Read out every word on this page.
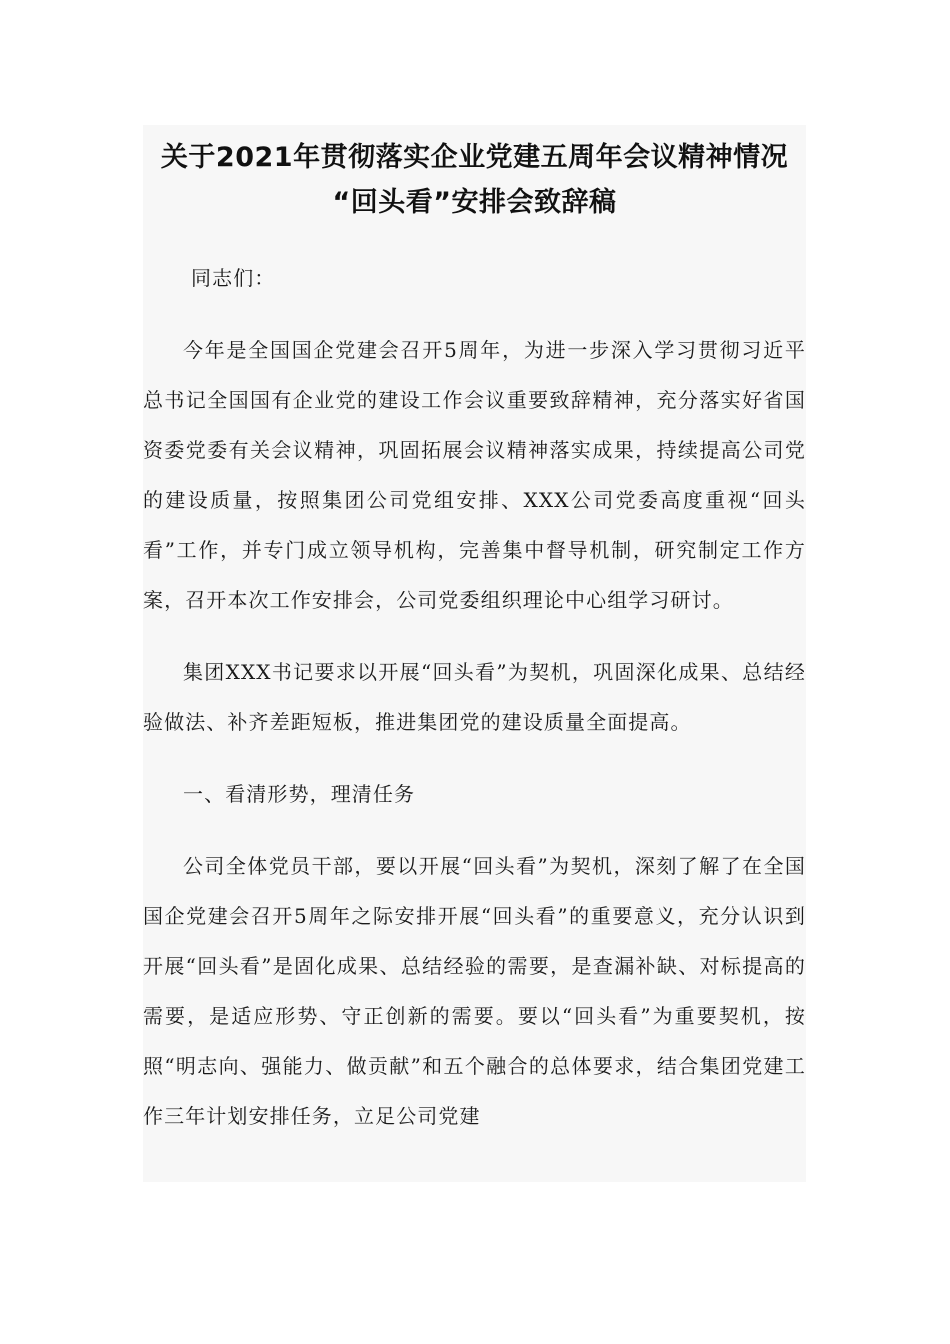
关于2021年贯彻落实企业党建五周年会议精神情况
“回头看”安排会致辞稿

同志们：

今年是全国国企党建会召开5周年，为进一步深入学习贯彻习近平总书记全国国有企业党的建设工作会议重要致辞精神，充分落实好省国资委党委有关会议精神，巩固拓展会议精神落实成果，持续提高公司党的建设质量，按照集团公司党组安排、XXX公司党委高度重视“回头看”工作，并专门成立领导机构，完善集中督导机制，研究制定工作方案，召开本次工作安排会，公司党委组织理论中心组学习研讨。

集团XXX书记要求以开展“回头看”为契机，巩固深化成果、总结经验做法、补齐差距短板，推进集团党的建设质量全面提高。

一、看清形势，理清任务

公司全体党员干部，要以开展“回头看”为契机，深刻了解了在全国国企党建会召开5周年之际安排开展“回头看”的重要意义，充分认识到开展“回头看”是固化成果、总结经验的需要，是查漏补缺、对标提高的需要，是适应形势、守正创新的需要。要以“回头看”为重要契机，按照“明志向、强能力、做贡献”和五个融合的总体要求，结合集团党建工作三年计划安排任务，立足公司党建
